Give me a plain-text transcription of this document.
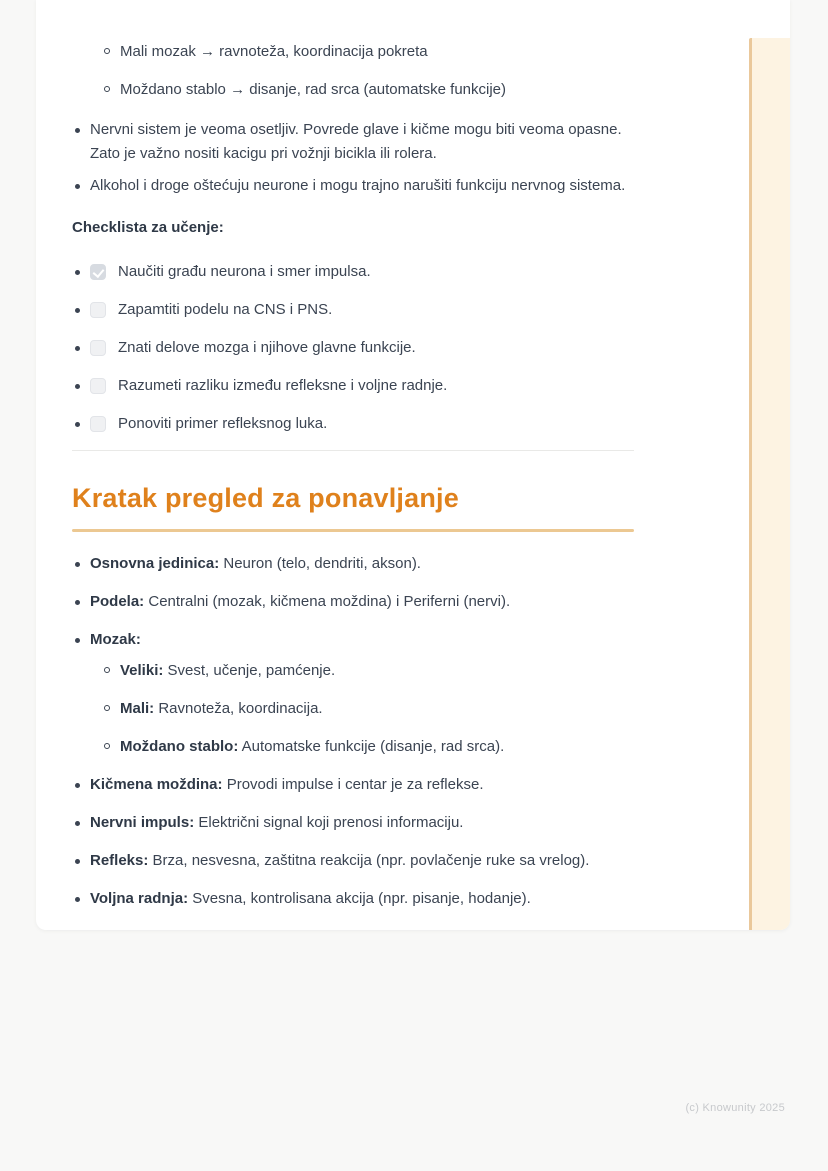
Mali mozak → ravnoteža, koordinacija pokreta
Moždano stablo → disanje, rad srca (automatske funkcije)
Nervni sistem je veoma osetljiv. Povrede glave i kičme mogu biti veoma opasne. Zato je važno nositi kacigu pri vožnji bicikla ili rolera.
Alkohol i droge oštećuju neurone i mogu trajno narušiti funkciju nervnog sistema.
Checklista za učenje:
Naučiti građu neurona i smer impulsa.
Zapamtiti podelu na CNS i PNS.
Znati delove mozga i njihove glavne funkcije.
Razumeti razliku između refleksne i voljne radnje.
Ponoviti primer refleksnog luka.
Kratak pregled za ponavljanje
Osnovna jedinica: Neuron (telo, dendriti, akson).
Podela: Centralni (mozak, kičmena moždina) i Periferni (nervi).
Mozak:
Veliki: Svest, učenje, pamćenje.
Mali: Ravnoteža, koordinacija.
Moždano stablo: Automatske funkcije (disanje, rad srca).
Kičmena moždina: Provodi impulse i centar je za reflekse.
Nervni impuls: Električni signal koji prenosi informaciju.
Refleks: Brza, nesvesna, zaštitna reakcija (npr. povlačenje ruke sa vrelog).
Voljna radnja: Svesna, kontrolisana akcija (npr. pisanje, hodanje).
(c) Knowunity 2025
